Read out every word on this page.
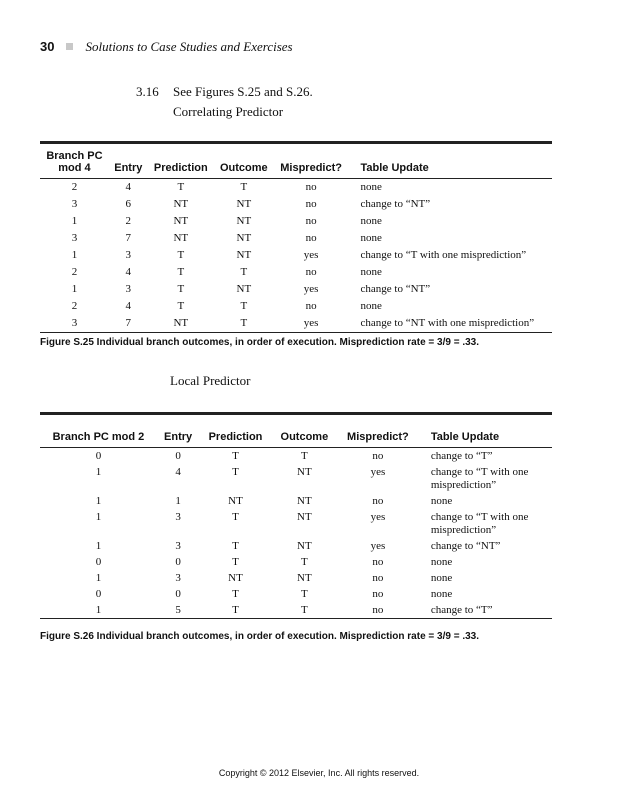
30 Solutions to Case Studies and Exercises
3.16 See Figures S.25 and S.26.
Correlating Predictor
Branch PC
mod 4	Entry	Prediction	Outcome	Mispredict?	Table Update
2	4	T	T	no	none
3	6	NT	NT	no	change to “NT”
1	2	NT	NT	no	none
3	7	NT	NT	no	none
1	3	T	NT	yes	change to “T with one misprediction”
2	4	T	T	no	none
1	3	T	NT	yes	change to “NT”
2	4	T	T	no	none
3	7	NT	T	yes	change to “NT with one misprediction”
Figure S.25 Individual branch outcomes, in order of execution. Misprediction rate = 3/9 = .33.
Local Predictor
Branch PC mod 2	Entry	Prediction	Outcome	Mispredict?	Table Update
0	0	T	T	no	change to “T”
1	4	T	NT	yes	change to “T with one
misprediction”
1	1	NT	NT	no	none
1	3	T	NT	yes	change to “T with one
misprediction”
1	3	T	NT	yes	change to “NT”
0	0	T	T	no	none
1	3	NT	NT	no	none
0	0	T	T	no	none
1	5	T	T	no	change to “T”
Figure S.26 Individual branch outcomes, in order of execution. Misprediction rate = 3/9 = .33.
Copyright © 2012 Elsevier, Inc. All rights reserved.
